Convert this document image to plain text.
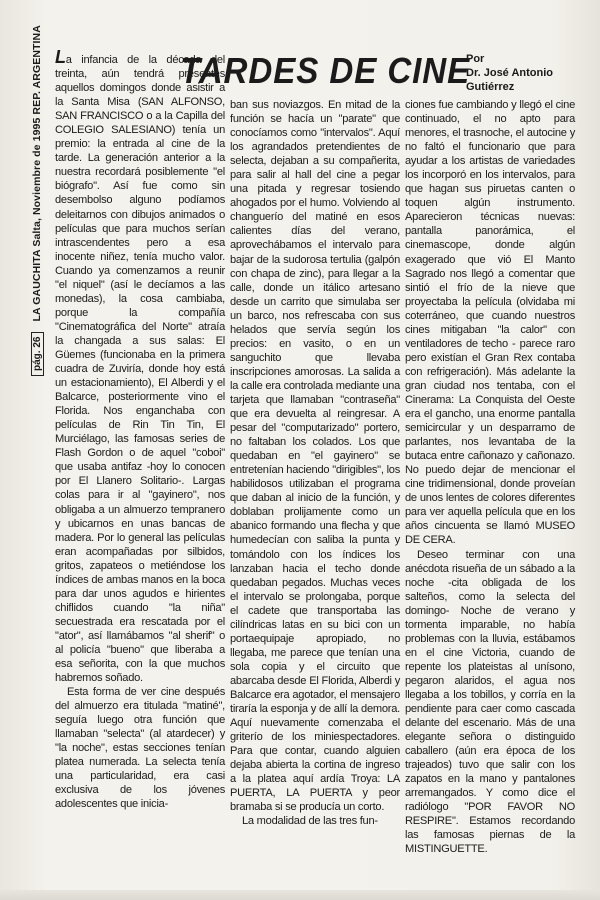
pág. 26
LA GAUCHITA Salta, Noviembre de 1995 REP. ARGENTINA	TARDES DE CINE
Por
Dr. José Antonio
Gutiérrez

La infancia de la década del treinta, aún tendrá presentes aquellos domingos donde asistir a la Santa Misa (SAN ALFONSO, SAN FRANCISCO o a la Capilla del COLEGIO SALESIANO) tenía un premio: la entrada al cine de la tarde. La generación anterior a la nuestra recordará posiblemente "el biógrafo". Así fue como sin desembolso alguno podíamos deleitarnos con dibujos animados o películas que para muchos serían intrascendentes pero a esa inocente niñez, tenía mucho valor. Cuando ya comenzamos a reunir "el niquel" (así le decíamos a las monedas), la cosa cambiaba, porque la compañía "Cinematográfica del Norte" atraía la changada a sus salas: El Güemes (funcionaba en la primera cuadra de Zuviría, donde hoy está un estacionamiento), El Alberdi y el Balcarce, posteriormente vino el Florida. Nos enganchaba con películas de Rin Tin Tin, El Murciélago, las famosas series de Flash Gordon o de aquel "coboi" que usaba antifaz -hoy lo conocen por El Llanero Solitario-. Largas colas para ir al "gayinero", nos obligaba a un almuerzo tempranero y ubicarnos en unas bancas de madera. Por lo general las películas eran acompañadas por silbidos, gritos, zapateos o metiéndose los índices de ambas manos en la boca para dar unos agudos e hirientes chiflidos cuando "la niña" secuestrada era rescatada por el "ator", así llamábamos "al sherif" o al policía "bueno" que liberaba a esa señorita, con la que muchos habremos soñado.

Esta forma de ver cine después del almuerzo era titulada "matiné", seguía luego otra función que llamaban "selecta" (al atardecer) y "la noche", estas secciones tenían platea numerada. La selecta tenía una particularidad, era casi exclusiva de los jóvenes adolescentes que inicia-

ban sus noviazgos. En mitad de la función se hacía un "parate" que conocíamos como "intervalos". Aquí los agrandados pretendientes de selecta, dejaban a su compañerita, para salir al hall del cine a pegar una pitada y regresar tosiendo ahogados por el humo. Volviendo al changuerío del matiné en esos calientes días del verano, aprovechábamos el intervalo para bajar de la sudorosa tertulia (galpón con chapa de zinc), para llegar a la calle, donde un itálico artesano desde un carrito que simulaba ser un barco, nos refrescaba con sus helados que servía según los precios: en vasito, o en un sanguchito que llevaba inscripciones amorosas. La salida a la calle era controlada mediante una tarjeta que llamaban "contraseña" que era devuelta al reingresar. A pesar del "computarizado" portero, no faltaban los colados. Los que quedaban en "el gayinero" se entretenían haciendo "dirigibles", los habilidosos utilizaban el programa que daban al inicio de la función, y doblaban prolijamente como un abanico formando una flecha y que humedecían con saliba la punta y tomándolo con los índices los lanzaban hacia el techo donde quedaban pegados. Muchas veces el intervalo se prolongaba, porque el cadete que transportaba las cilíndricas latas en su bici con un portaequipaje apropiado, no llegaba, me parece que tenían una sola copia y el circuito que abarcaba desde El Florida, Alberdi y Balcarce era agotador, el mensajero tiraría la esponja y de allí la demora. Aquí nuevamente comenzaba el griterío de los miniespectadores. Para que contar, cuando alguien dejaba abierta la cortina de ingreso a la platea aquí ardía Troya: LA PUERTA, LA PUERTA y peor bramaba si se producía un corto.

La modalidad de las tres fun-

ciones fue cambiando y llegó el cine continuado, el no apto para menores, el trasnoche, el autocine y no faltó el funcionario que para ayudar a los artistas de variedades los incorporó en los intervalos, para que hagan sus piruetas canten o toquen algún instrumento. Aparecieron técnicas nuevas: pantalla panorámica, el cinemascope, donde algún exagerado que vió El Manto Sagrado nos llegó a comentar que sintió el frío de la nieve que proyectaba la película (olvidaba mi coterráneo, que cuando nuestros cines mitigaban "la calor" con ventiladores de techo - parece raro pero existían el Gran Rex contaba con refrigeración). Más adelante la gran ciudad nos tentaba, con el Cinerama: La Conquista del Oeste era el gancho, una enorme pantalla semicircular y un desparramo de parlantes, nos levantaba de la butaca entre cañonazo y cañonazo. No puedo dejar de mencionar el cine tridimensional, donde proveían de unos lentes de colores diferentes para ver aquella película que en los años cincuenta se llamó MUSEO DE CERA.

Deseo terminar con una anécdota risueña de un sábado a la noche -cita obligada de los salteños, como la selecta del domingo- Noche de verano y tormenta imparable, no había problemas con la lluvia, estábamos en el cine Victoria, cuando de repente los plateistas al unísono, pegaron alaridos, el agua nos llegaba a los tobillos, y corría en la pendiente para caer como cascada delante del escenario. Más de una elegante señora o distinguido caballero (aún era época de los trajeados) tuvo que salir con los zapatos en la mano y pantalones arremangados. Y como dice el radiólogo "POR FAVOR NO RESPIRE". Estamos recordando las famosas piernas de la MISTINGUETTE.
